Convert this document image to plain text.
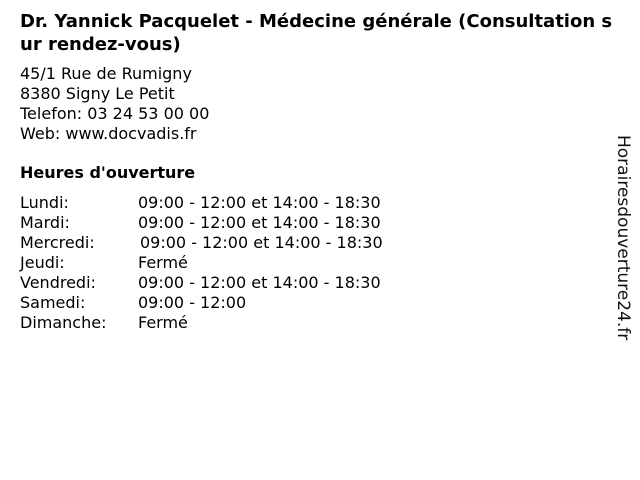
Dr. Yannick Pacquelet - Médecine générale (Consultation sur rendez-vous)
45/1 Rue de Rumigny
8380 Signy Le Petit
Telefon: 03 24 53 00 00
Web: www.docvadis.fr
Heures d'ouverture
Lundi:	09:00 - 12:00 et 14:00 - 18:30
Mardi:	09:00 - 12:00 et 14:00 - 18:30
Mercredi:	09:00 - 12:00 et 14:00 - 18:30
Jeudi:	Fermé
Vendredi:	09:00 - 12:00 et 14:00 - 18:30
Samedi:	09:00 - 12:00
Dimanche: Fermé	Horairesdouverture24.fr
